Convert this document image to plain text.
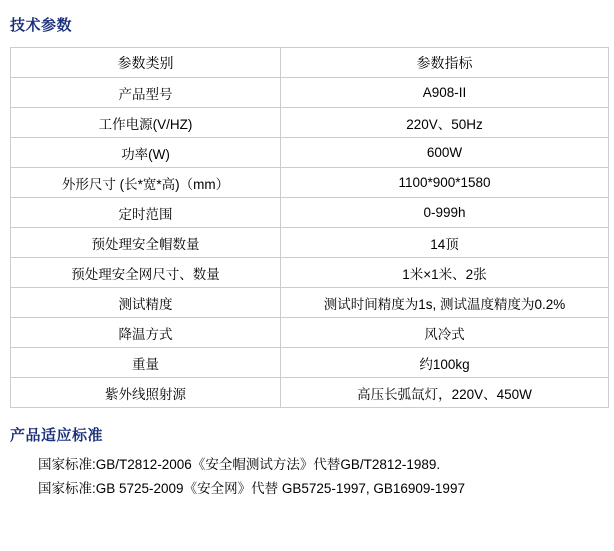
技术参数
参数类别	参数指标
产品型号	A908-II
工作电源(V/HZ)	220V、50Hz
功率(W)	600W
外形尺寸 (长*宽*高)（mm）	1100*900*1580
定时范围	0-999h
预处理安全帽数量	14顶
预处理安全网尺寸、数量	1米×1米、2张
测试精度	测试时间精度为1s, 测试温度精度为0.2%
降温方式	风冷式
重量	约100kg
紫外线照射源	高压长弧氙灯，220V、450W
产品适应标准
国家标准:GB/T2812-2006《安全帽测试方法》代替GB/T2812-1989.
国家标准:GB 5725-2009《安全网》代替 GB5725-1997, GB16909-1997
